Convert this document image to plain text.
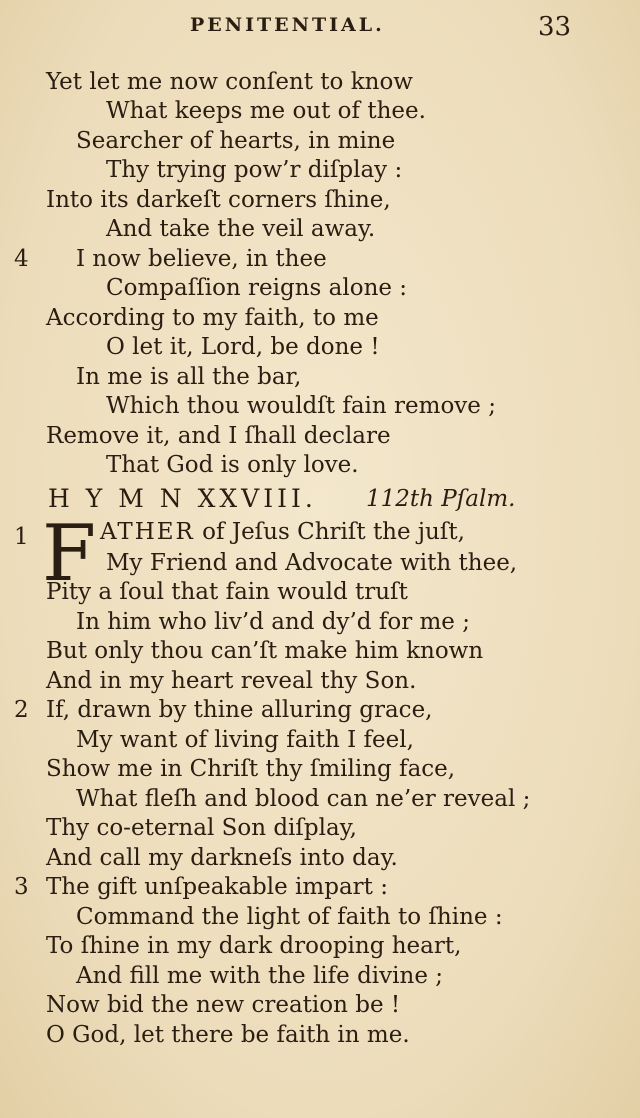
PENITENTIAL.	33
Yet let me now conſent to know
What keeps me out of thee.
Searcher of hearts, in mine
Thy trying pow’r diſplay :
Into its darkeſt corners ſhine,
And take the veil away.
4 I now believe, in thee
Compaſſion reigns alone :
According to my faith, to me
O let it, Lord, be done !
In me is all the bar,
Which thou wouldſt fain remove ;
Remove it, and I ſhall declare
That God is only love.
H Y M N XXVIII. 112th Pſalm.
1 F ATHER of Jeſus Chriſt the juſt,
My Friend and Advocate with thee,
Pity a ſoul that fain would truſt
In him who liv’d and dy’d for me ;
But only thou can’ſt make him known
And in my heart reveal thy Son.
2 If, drawn by thine alluring grace,
My want of living faith I feel,
Show me in Chriſt thy ſmiling face,
What fleſh and blood can ne’er reveal ;
Thy co-eternal Son diſplay,
And call my darkneſs into day.
3 The gift unſpeakable impart :
Command the light of faith to ſhine :
To ſhine in my dark drooping heart,
And fill me with the life divine ;
Now bid the new creation be !
O God, let there be faith in me.
